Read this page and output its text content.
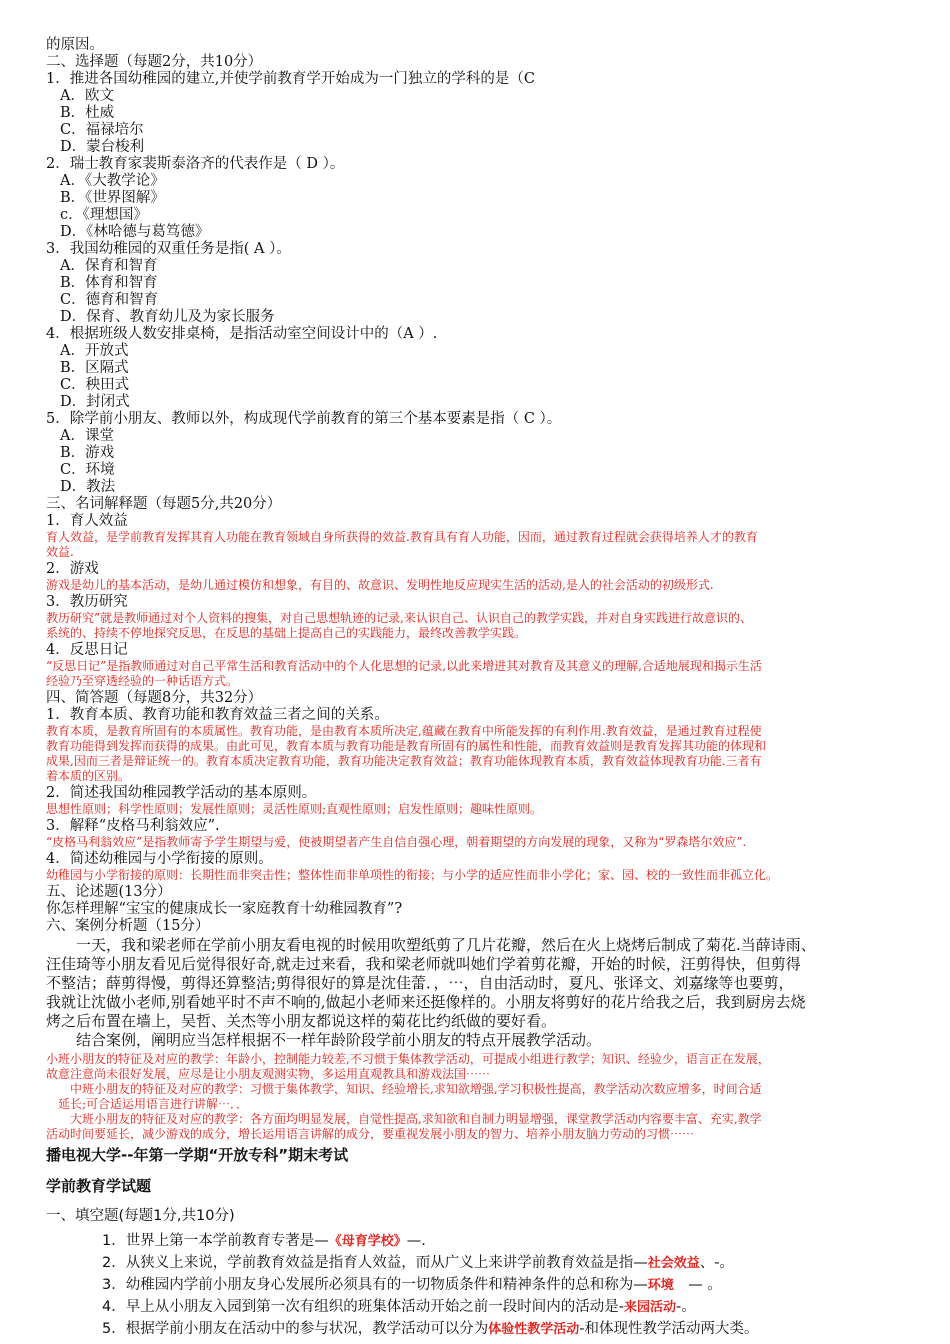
的原因。
二、选择题（每题2分，共10分）
1．推进各国幼稚园的建立,并使学前教育学开始成为一门独立的学科的是（C
A．欧文
B．杜威
C．福禄培尔
D．蒙台梭利
2．瑞士教育家裴斯泰洛齐的代表作是（ D ）。
A．《大教学论》
B．《世界图解》
c．《理想国》
D．《林哈德与葛笃德》
3．我国幼稚园的双重任务是指( A ）。
A．保育和智育
B．体育和智育
C．德育和智育
D．保育、教育幼儿及为家长服务
4．根据班级人数安排桌椅，是指活动室空间设计中的（A ）.
A．开放式
B．区隔式
C．秧田式
D．封闭式
5．除学前小朋友、教师以外，构成现代学前教育的第三个基本要素是指（ C ）。
A．课堂
B．游戏
C．环境
D．教法
三、名词解释题（每题5分,共20分）
1．育人效益
育人效益，是学前教育发挥其育人功能在教育领域自身所获得的效益.教育具有育人功能，因而，通过教育过程就会获得培养人才的教育
效益.
2．游戏
游戏是幼儿的基本活动，是幼儿通过模仿和想象，有目的、故意识、发明性地反应现实生活的活动,是人的社会活动的初级形式.
3．教历研究
教历研究”就是教师通过对个人资料的搜集，对自己思想轨迹的记录,来认识自己、认识自己的教学实践，并对自身实践进行故意识的、
系统的、持续不停地探究反思，在反思的基础上提高自己的实践能力，最终改善教学实践。
4．反思日记
“反思日记”是指教师通过对自己平常生活和教育活动中的个人化思想的记录,以此来增进其对教育及其意义的理解,合适地展现和揭示生活
经验乃至穿透经验的一种话语方式。
四、简答题（每题8分，共32分）
1．教育本质、教育功能和教育效益三者之间的关系。
教育本质，是教育所固有的本质属性。教育功能，是由教育本质所决定,蕴藏在教育中所能发挥的有利作用.教育效益，是通过教育过程使
教育功能得到发挥而获得的成果。由此可见，教育本质与教育功能是教育所固有的属性和性能，而教育效益则是教育发挥其功能的体现和
成果,因而三者是辩证统一的。教育本质决定教育功能，教育功能决定教育效益；教育功能体现教育本质，教育效益体现教育功能.三者有
着本质的区别。
2．简述我国幼稚园教学活动的基本原则。
思想性原则；科学性原则；发展性原则；灵活性原则;直观性原则；启发性原则；趣味性原则。
3．解释“皮格马利翁效应”.
“皮格马利翁效应”是指教师寄予学生期望与爱，使被期望者产生自信自强心理，朝着期望的方向发展的现象，又称为“罗森塔尔效应”.
4．简述幼稚园与小学衔接的原则。
幼稚园与小学衔接的原则：长期性而非突击性；整体性而非单项性的衔接；与小学的适应性而非小学化；家、园、校的一致性而非孤立化。
五、论述题(13分）
你怎样理解“宝宝的健康成长一家庭教育十幼稚园教育”?
六、案例分析题（15分）
　　一天，我和梁老师在学前小朋友看电视的时候用吹塑纸剪了几片花瓣，然后在火上烧烤后制成了菊花.当薛诗雨、
汪佳琦等小朋友看见后觉得很好奇,就走过来看，我和梁老师就叫她们学着剪花瓣，开始的时候，汪剪得快，但剪得
不整洁；薛剪得慢，剪得还算整洁;剪得很好的算是沈佳蕾．，⋯，自由活动时，夏凡、张译文、刘嘉缘等也要剪，
我就让沈做小老师,别看她平时不声不响的,做起小老师来还挺像样的。小朋友将剪好的花片给我之后，我到厨房去烧
烤之后布置在墙上，吴哲、关杰等小朋友都说这样的菊花比约纸做的要好看。
　　结合案例，阐明应当怎样根据不一样年龄阶段学前小朋友的特点开展教学活动。
小班小朋友的特征及对应的教学：年龄小，控制能力较差,不习惯于集体教学活动，可提成小组进行教学；知识、经验少，语言正在发展，
故意注意尚未很好发展，应尽是让小朋友观测实物，多运用直观教具和游戏法国⋯⋯
　　中班小朋友的特征及对应的教学：习惯于集体教学，知识、经验增长,求知欲增强,学习积极性提高，教学活动次数应增多，时间合适
　延长;可合适运用语言进行讲解⋯．．
　　大班小朋友的特征及对应的教学：各方面均明显发展，自觉性提高,求知欲和自制力明显增强，课堂教学活动内容要丰富、充实,教学
活动时间要延长，减少游戏的成分，增长运用语言讲解的成分，要重视发展小朋友的智力、培养小朋友脑力劳动的习惯⋯⋯
播电视大学--年第一学期“开放专科”期末考试
学前教育学试题
一、填空题(每题1分,共10分)
1．世界上第一本学前教育专著是—《母育学校》—.
2．从狭义上来说，学前教育效益是指育人效益，而从广义上来讲学前教育效益是指—社会效益、-。
3．幼稚园内学前小朋友身心发展所必须具有的一切物质条件和精神条件的总和称为—环境　— 。
4．早上从小朋友入园到第一次有组织的班集体活动开始之前一段时间内的活动是-来园活动-。
5．根据学前小朋友在活动中的参与状况，教学活动可以分为体验性教学活动-和体现性教学活动两大类。
